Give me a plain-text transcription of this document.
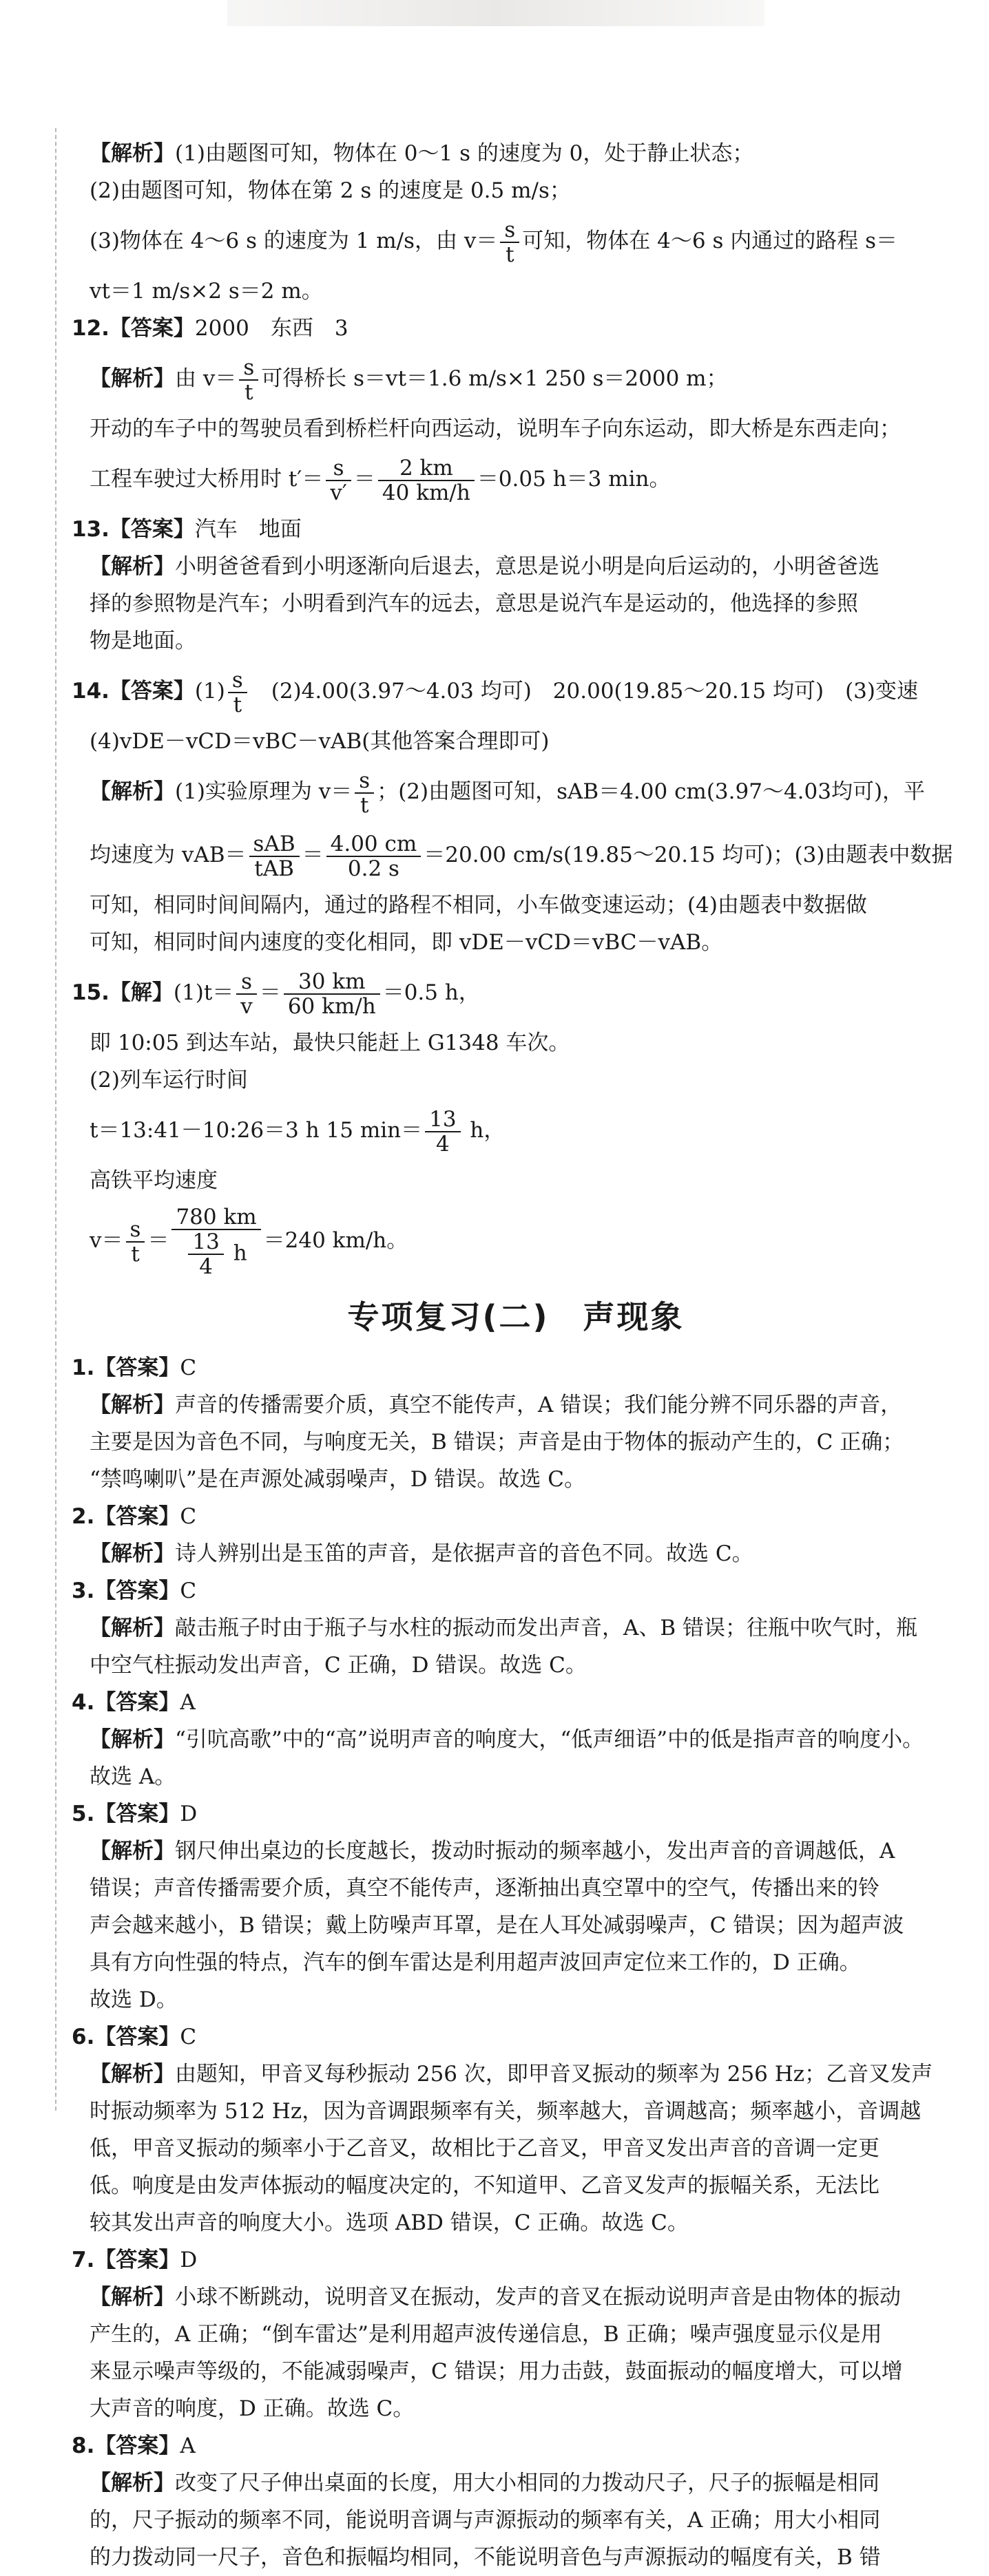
【解析】(1)由题图可知，物体在 0～1 s 的速度为 0，处于静止状态；
(2)由题图可知，物体在第 2 s 的速度是 0.5 m/s；
(3)物体在 4～6 s 的速度为 1 m/s，由 $v= \frac{s}{t}$ 可知，物体在 4～6 s 内通过的路程 s＝
vt＝1 m/s×2 s＝2 m。
12.【答案】2000　东西　3
【解析】由 $v= \frac{s}{t}$ 可得桥长 s＝vt＝1.6 m/s×1 250 s＝2000 m；
开动的车子中的驾驶员看到桥栏杆向西运动，说明车子向东运动，即大桥是东西走向；
工程车驶过大桥用时 $t'= \frac{s}{v'} = \frac{2 km}{40 km/h} =0.05$ h＝3 min。
13.【答案】汽车　地面
【解析】小明爸爸看到小明逐渐向后退去，意思是说小明是向后运动的，小明爸爸选
择的参照物是汽车；小明看到汽车的远去，意思是说汽车是运动的，他选择的参照
物是地面。
14.【答案】$(1) \frac{s}{t}$ 　(2)4.00(3.97～4.03 均可)　20.00(19.85～20.15 均可)　(3)变速
(4)vDE－vCD＝vBC－vAB(其他答案合理即可)
【解析】(1)实验原理为 $v= \frac{s}{t}$ ；(2)由题图可知，sAB＝4.00 cm(3.97～4.03均可)，平
均速度为 $vAB= \frac{\text{sAB}}{\text{tAB}} = \frac{4.00 cm}{0.2 s} =20.00$ cm/s(19.85～20.15 均可)；(3)由题表中数据
可知，相同时间间隔内，通过的路程不相同，小车做变速运动；(4)由题表中数据做
可知，相同时间内速度的变化相同，即 vDE－vCD＝vBC－vAB。
15.【解】$(1)t= \frac{s}{v} = \frac{30 km}{60 km/h} =0.5$ h，
即 10:05 到达车站，最快只能赶上 G1348 车次。
(2)列车运行时间
t＝13:41－10:26＝3 h 15 $\min= \frac{13}{4}$ h，
高铁平均速度
$v= \frac{s}{t} = \frac{780 km}{\frac{13}{4} h} =240$ km/h。
专项复习(二)　声现象
1.【答案】C
【解析】声音的传播需要介质，真空不能传声，A 错误；我们能分辨不同乐器的声音，
主要是因为音色不同，与响度无关，B 错误；声音是由于物体的振动产生的，C 正确；
“禁鸣喇叭”是在声源处减弱噪声，D 错误。故选 C。
2.【答案】C
【解析】诗人辨别出是玉笛的声音，是依据声音的音色不同。故选 C。
3.【答案】C
【解析】敲击瓶子时由于瓶子与水柱的振动而发出声音，A、B 错误；往瓶中吹气时，瓶
中空气柱振动发出声音，C 正确，D 错误。故选 C。
4.【答案】A
【解析】“引吭高歌”中的“高”说明声音的响度大，“低声细语”中的低是指声音的响度小。
故选 A。
5.【答案】D
【解析】钢尺伸出桌边的长度越长，拨动时振动的频率越小，发出声音的音调越低，A
错误；声音传播需要介质，真空不能传声，逐渐抽出真空罩中的空气，传播出来的铃
声会越来越小，B 错误；戴上防噪声耳罩，是在人耳处减弱噪声，C 错误；因为超声波
具有方向性强的特点，汽车的倒车雷达是利用超声波回声定位来工作的，D 正确。
故选 D。
6.【答案】C
【解析】由题知，甲音叉每秒振动 256 次，即甲音叉振动的频率为 256 Hz；乙音叉发声
时振动频率为 512 Hz，因为音调跟频率有关，频率越大，音调越高；频率越小，音调越
低，甲音叉振动的频率小于乙音叉，故相比于乙音叉，甲音叉发出声音的音调一定更
低。响度是由发声体振动的幅度决定的，不知道甲、乙音叉发声的振幅关系，无法比
较其发出声音的响度大小。选项 ABD 错误，C 正确。故选 C。
7.【答案】D
【解析】小球不断跳动，说明音叉在振动，发声的音叉在振动说明声音是由物体的振动
产生的，A 正确；“倒车雷达”是利用超声波传递信息，B 正确；噪声强度显示仪是用
来显示噪声等级的，不能减弱噪声，C 错误；用力击鼓，鼓面振动的幅度增大，可以增
大声音的响度，D 正确。故选 C。
8.【答案】A
【解析】改变了尺子伸出桌面的长度，用大小相同的力拨动尺子，尺子的振幅是相同
的，尺子振动的频率不同，能说明音调与声源振动的频率有关，A 正确；用大小相同
的力拨动同一尺子，音色和振幅均相同，不能说明音色与声源振动的幅度有关，B 错
